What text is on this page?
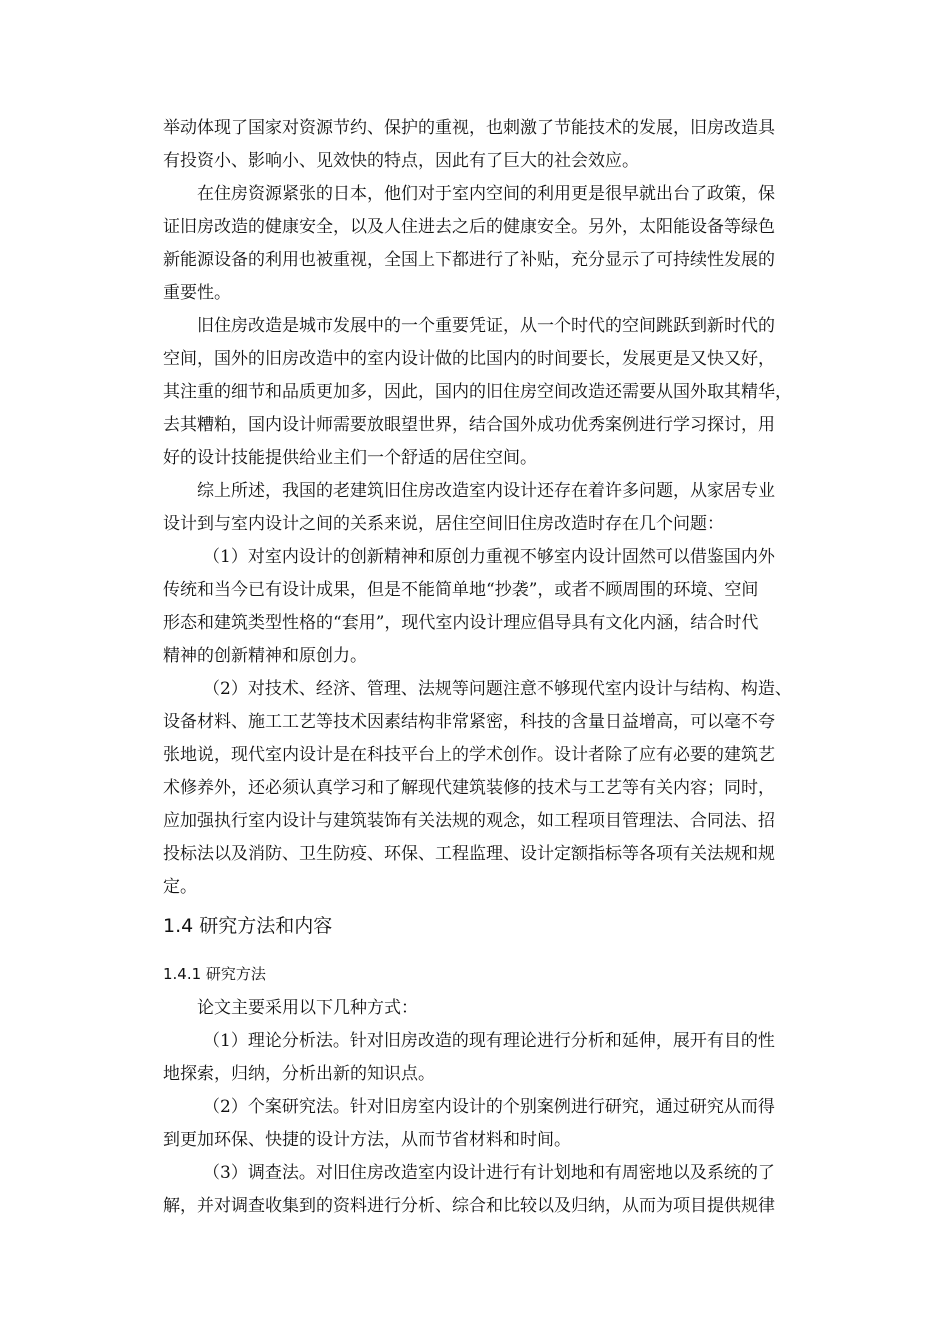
举动体现了国家对资源节约、保护的重视，也刺激了节能技术的发展，旧房改造具
有投资小、影响小、见效快的特点，因此有了巨大的社会效应。
在住房资源紧张的日本，他们对于室内空间的利用更是很早就出台了政策，保
证旧房改造的健康安全，以及人住进去之后的健康安全。另外，太阳能设备等绿色
新能源设备的利用也被重视，全国上下都进行了补贴，充分显示了可持续性发展的
重要性。
旧住房改造是城市发展中的一个重要凭证，从一个时代的空间跳跃到新时代的
空间，国外的旧房改造中的室内设计做的比国内的时间要长，发展更是又快又好，
其注重的细节和品质更加多，因此，国内的旧住房空间改造还需要从国外取其精华，
去其糟粕，国内设计师需要放眼望世界，结合国外成功优秀案例进行学习探讨，用
好的设计技能提供给业主们一个舒适的居住空间。
综上所述，我国的老建筑旧住房改造室内设计还存在着许多问题，从家居专业
设计到与室内设计之间的关系来说，居住空间旧住房改造时存在几个问题：
（1）对室内设计的创新精神和原创力重视不够室内设计固然可以借鉴国内外
传统和当今已有设计成果，但是不能简单地“抄袭”，或者不顾周围的环境、空间
形态和建筑类型性格的“套用”，现代室内设计理应倡导具有文化内涵，结合时代
精神的创新精神和原创力。
（2）对技术、经济、管理、法规等问题注意不够现代室内设计与结构、构造、
设备材料、施工工艺等技术因素结构非常紧密，科技的含量日益增高，可以毫不夸
张地说，现代室内设计是在科技平台上的学术创作。设计者除了应有必要的建筑艺
术修养外，还必须认真学习和了解现代建筑装修的技术与工艺等有关内容；同时，
应加强执行室内设计与建筑装饰有关法规的观念，如工程项目管理法、合同法、招
投标法以及消防、卫生防疫、环保、工程监理、设计定额指标等各项有关法规和规
定。
1.4 研究方法和内容
1.4.1 研究方法
论文主要采用以下几种方式：
（1）理论分析法。针对旧房改造的现有理论进行分析和延伸，展开有目的性
地探索，归纳，分析出新的知识点。
（2）个案研究法。针对旧房室内设计的个别案例进行研究，通过研究从而得
到更加环保、快捷的设计方法，从而节省材料和时间。
（3）调查法。对旧住房改造室内设计进行有计划地和有周密地以及系统的了
解，并对调查收集到的资料进行分析、综合和比较以及归纳，从而为项目提供规律
